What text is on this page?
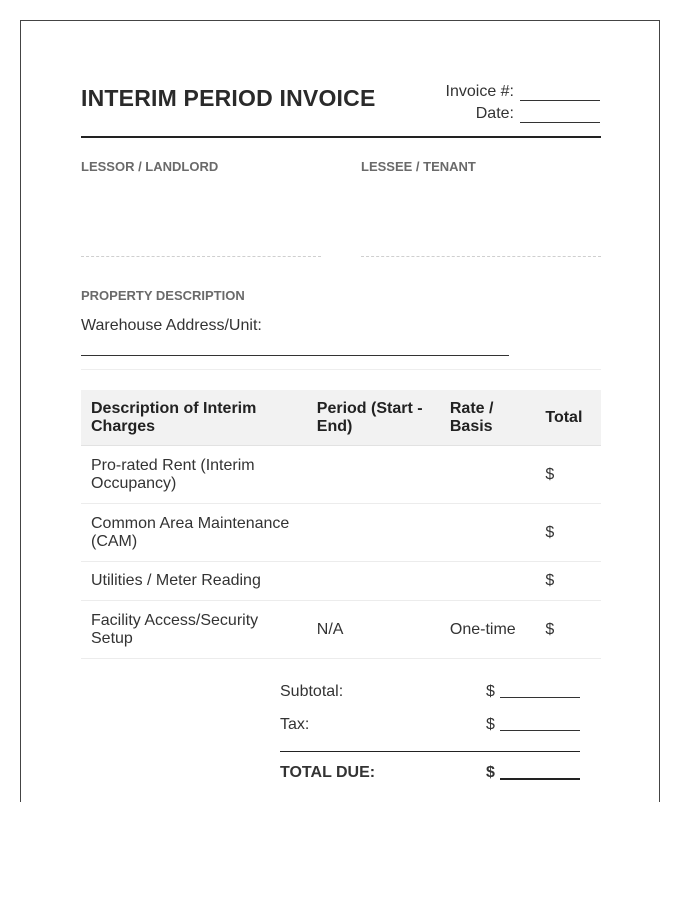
INTERIM PERIOD INVOICE	Invoice #:
Date:
LESSOR / LANDLORD	LESSEE / TENANT
PROPERTY DESCRIPTION
Warehouse Address/Unit:
Description of Interim Charges	Period (Start - End)	Rate / Basis	Total
Pro-rated Rent (Interim Occupancy)			$
Common Area Maintenance (CAM)			$
Utilities / Meter Reading			$
Facility Access/Security Setup	N/A	One-time	$
Subtotal:	$
Tax:	$
TOTAL DUE:	$
